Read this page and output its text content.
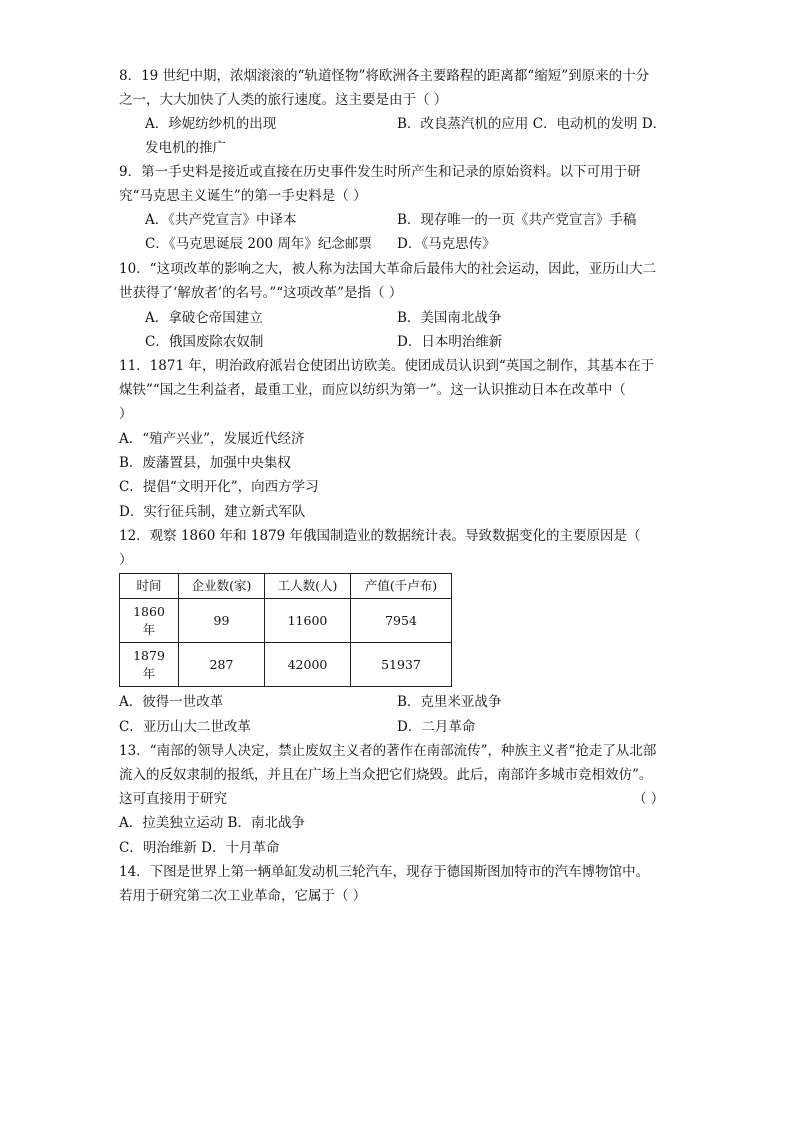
8．19 世纪中期，浓烟滚滚的“轨道怪物”将欧洲各主要路程的距离都“缩短”到原来的十分
之一，大大加快了人类的旅行速度。这主要是由于（ ）
A．珍妮纺纱机的出现	B．改良蒸汽机的应用 C．电动机的发明 D．
发电机的推广
9．第一手史料是接近或直接在历史事件发生时所产生和记录的原始资料。以下可用于研
究“马克思主义诞生”的第一手史料是（ ）
A．《共产党宣言》中译本	B．现存唯一的一页《共产党宣言》手稿
C．《马克思诞辰 200 周年》纪念邮票 D．《马克思传》
10．“这项改革的影响之大，被人称为法国大革命后最伟大的社会运动，因此，亚历山大二
世获得了‘解放者’的名号。”“这项改革”是指（ ）
A．拿破仑帝国建立	B．美国南北战争
C．俄国废除农奴制	D．日本明治维新
11．1871 年，明治政府派岩仓使团出访欧美。使团成员认识到“英国之制作，其基本在于
煤铁”“国之生利益者，最重工业，而应以纺织为第一”。这一认识推动日本在改革中（
）
A．“殖产兴业”，发展近代经济
B．废藩置县，加强中央集权
C．提倡“文明开化”，向西方学习
D．实行征兵制，建立新式军队
12．观察 1860 年和 1879 年俄国制造业的数据统计表。导致数据变化的主要原因是（
）
时间	企业数(家)	工人数(人)	产值(千卢布)
1860
年	99	11600	7954
1879
年	287	42000	51937
A．彼得一世改革	B．克里米亚战争
C．亚历山大二世改革	D．二月革命
13．“南部的领导人决定，禁止废奴主义者的著作在南部流传”，种族主义者“抢走了从北部
流入的反奴隶制的报纸，并且在广场上当众把它们烧毁。此后，南部许多城市竞相效仿”。
这可直接用于研究	（ ）
A．拉美独立运动 B．南北战争
C．明治维新 D．十月革命
14．下图是世界上第一辆单缸发动机三轮汽车，现存于德国斯图加特市的汽车博物馆中。
若用于研究第二次工业革命，它属于（ ）
